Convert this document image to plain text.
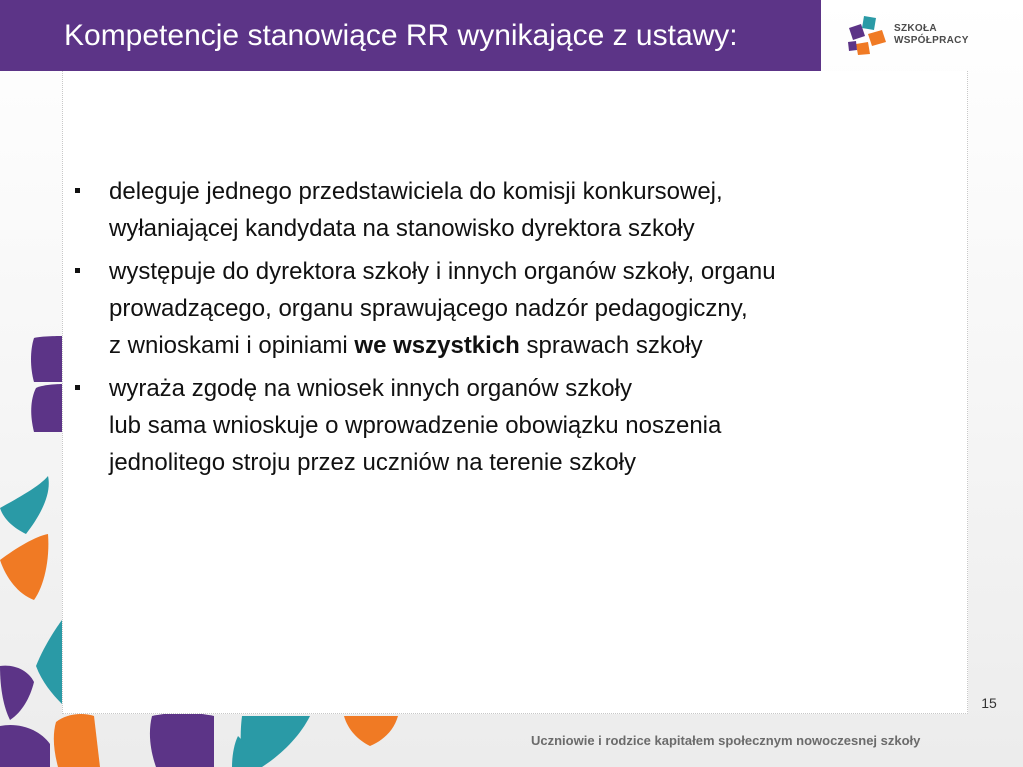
Kompetencje stanowiące RR wynikające z ustawy:	SZKOŁA
WSPÓŁPRACY
deleguje jednego przedstawiciela do komisji konkursowej,
wyłaniającej kandydata na stanowisko dyrektora szkoły
występuje do dyrektora szkoły i innych organów szkoły, organu
prowadzącego, organu sprawującego nadzór pedagogiczny,
z wnioskami i opiniami we wszystkich sprawach szkoły
wyraża zgodę na wniosek innych organów szkoły
lub sama wnioskuje o wprowadzenie obowiązku noszenia
jednolitego stroju przez uczniów na terenie szkoły
15
Uczniowie i rodzice kapitałem społecznym nowoczesnej szkoły
